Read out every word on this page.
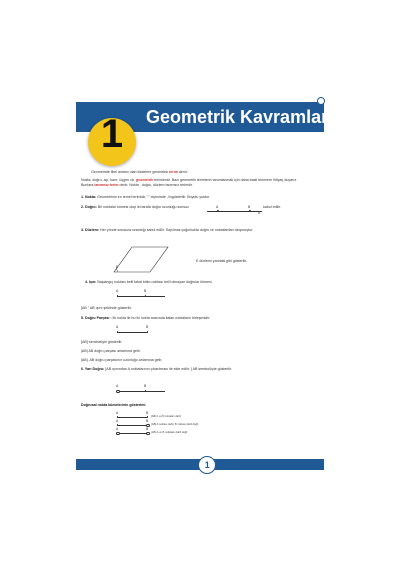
1	Geometrik Kavramlar
Geometride ilkel anlamı olan ifadelere geometrik terim denir.
Nokta, doğru, açı, kare, üçgen vb. geometrik terimlerdir. Bazı geometrik terimlerin tanımlanmak için daha basit terimlere ihtiyaç duyarız.
Bunlara tanımsız terim denir. Nokta , doğru, düzlem tanımsız terimdir.
1. Nokta: Geometrinin en temel terimidir,"." biçiminde ,//ngösterilir. Boyutu yoktur.
2. Doğru: Bir noktalar kümesi olup iki tarafa doğru uzunluğu sonsuz	A	B
d
kabul edilir.
3. Düzlem: Her yönde sonsuza uzandığı kabul edilir. Sayılmaz çoğunlukta doğru ve noktalardan oluşmuştur.
E
E düzlemi yandaki gibi gösterilir.
4. Işın: Başlangıç noktası belli fakat bitim noktası belli olmayan doğrular kümesi
A	B
[AB " AB ışını şeklinde gösterilir.
5. Doğru Parçası : İki nokta ile bu iki nokta arasında kalan noktaların birleşimidir.
A	B
[AB] sembolüyle gösterilir.
|AB| AB doğru parçası anlamına gelir.
|AB|. AB doğru parçasının uzunluğu anlamına gelir.
6. Yarı Doğru: [AB ışınından A noktalarının çıkarılması ile elde edilir. ] AB sembolüyle gösterilir.
A	B
Doğrusal nokta kümelerinin gösterimi
A	B
[AB] A ve B noktaları dahil
A	B
(AB] A noktası dahil, B noktası dahil değil
A	B
(AB) A ve B noktaları dahil değil
1
